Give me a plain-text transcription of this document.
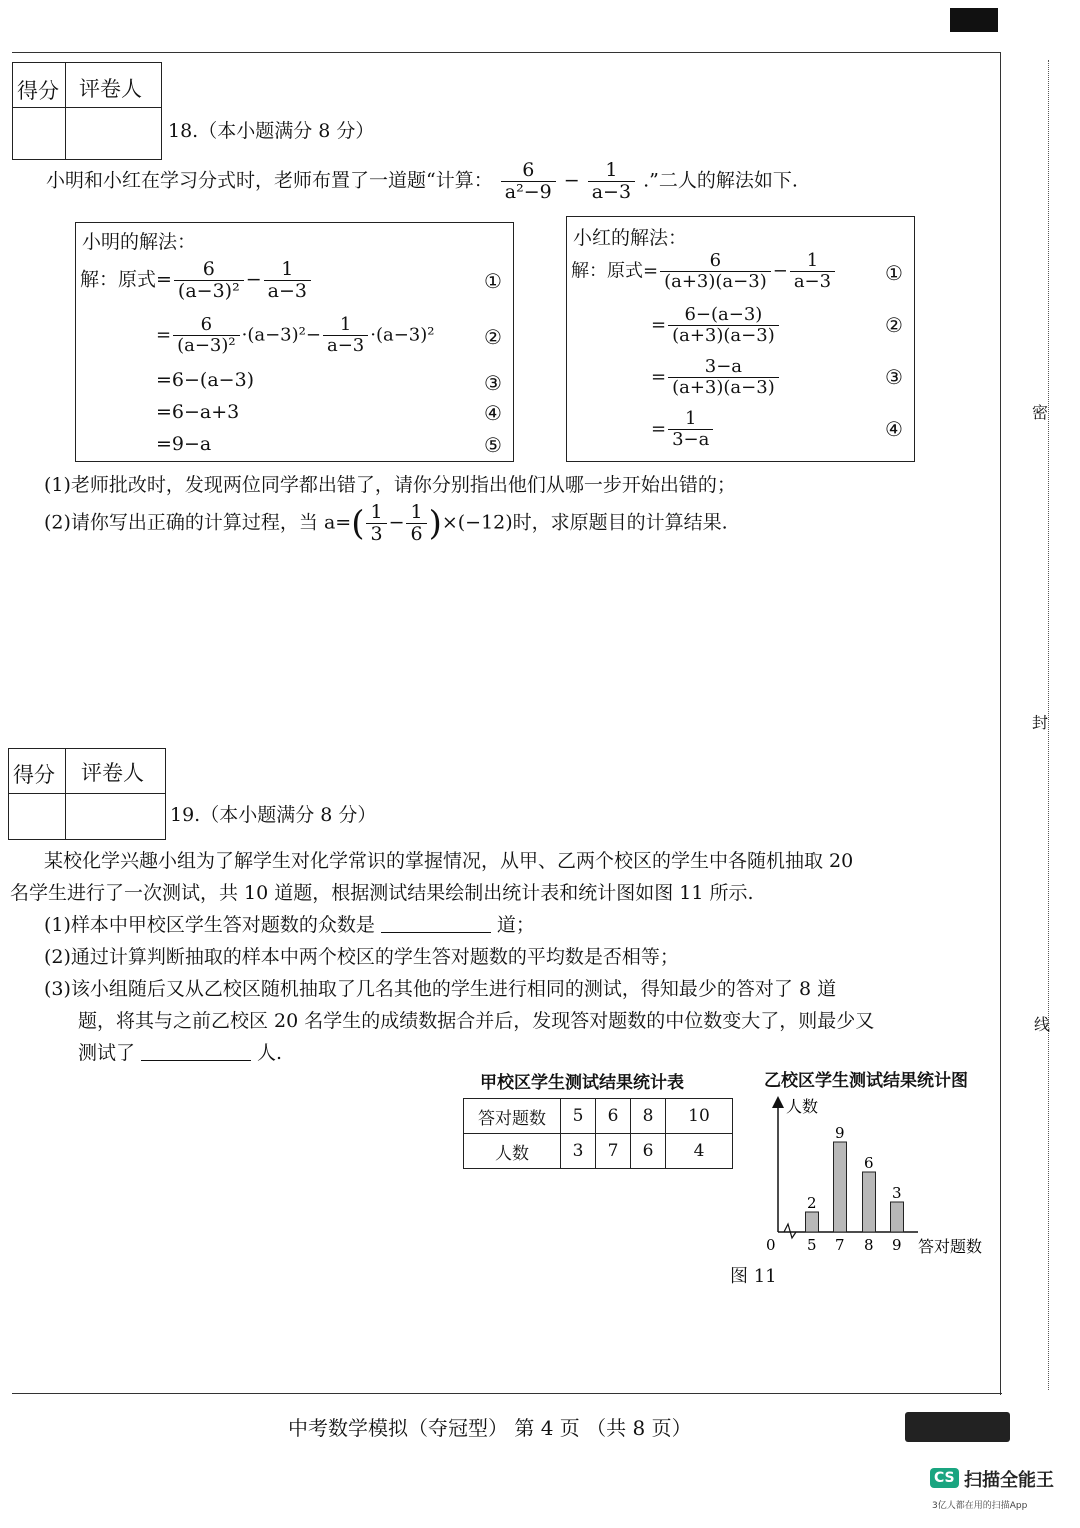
密
封
线
得分 评卷人
18.（本小题满分 8 分）
小明和小红在学习分式时，老师布置了一道题“计算： $\frac{6}{\text{a²−9}} - \frac{1}{a-3}$ .”二人的解法如下.
小明的解法：
解：原式= $\frac{6}{\text{(a−3)²}} - \frac{1}{a-3}$
= $\frac{6}{\text{(a−3)²}} \cdot(a-3)^2- \frac{1}{a-3} \cdot(a-3)^2$
=6−(a−3)
=6−a+3
=9−a
①
②
③
④
⑤
小红的解法：
解：原式= $\frac{6}{(a+3)(a-3)} - \frac{1}{a-3}$
= $\frac{6-(a-3)}{(a+3)(a-3)}$
= $\frac{3-a}{(a+3)(a-3)}$
= $\frac{1}{3-a}$
①
②
③
④
(1)老师批改时，发现两位同学都出错了，请你分别指出他们从哪一步开始出错的；
(2)请你写出正确的计算过程，当 $a=( \frac{1}{3} - \frac{1}{6} )\times(-12)$时，求原题目的计算结果.
得分 评卷人
19.（本小题满分 8 分）
某校化学兴趣小组为了解学生对化学常识的掌握情况，从甲、乙两个校区的学生中各随机抽取 20
名学生进行了一次测试，共 10 道题，根据测试结果绘制出统计表和统计图如图 11 所示.
(1)样本中甲校区学生答对题数的众数是	道；
(2)通过计算判断抽取的样本中两个校区的学生答对题数的平均数是否相等；
(3)该小组随后又从乙校区随机抽取了几名其他的学生进行相同的测试，得知最少的答对了 8 道
题，将其与之前乙校区 20 名学生的成绩数据合并后，发现答对题数的中位数变大了，则最少又
测试了	人.
甲校区学生测试结果统计表
答对题数	5	6	8	10
人数	3	7	6	4
乙校区学生测试结果统计图
人数
答对题数
0
2
5
9
7
6
8
3
9
图 11
中考数学模拟（夺冠型） 第 4 页 （共 8 页）
CS 扫描全能王
3亿人都在用的扫描App
